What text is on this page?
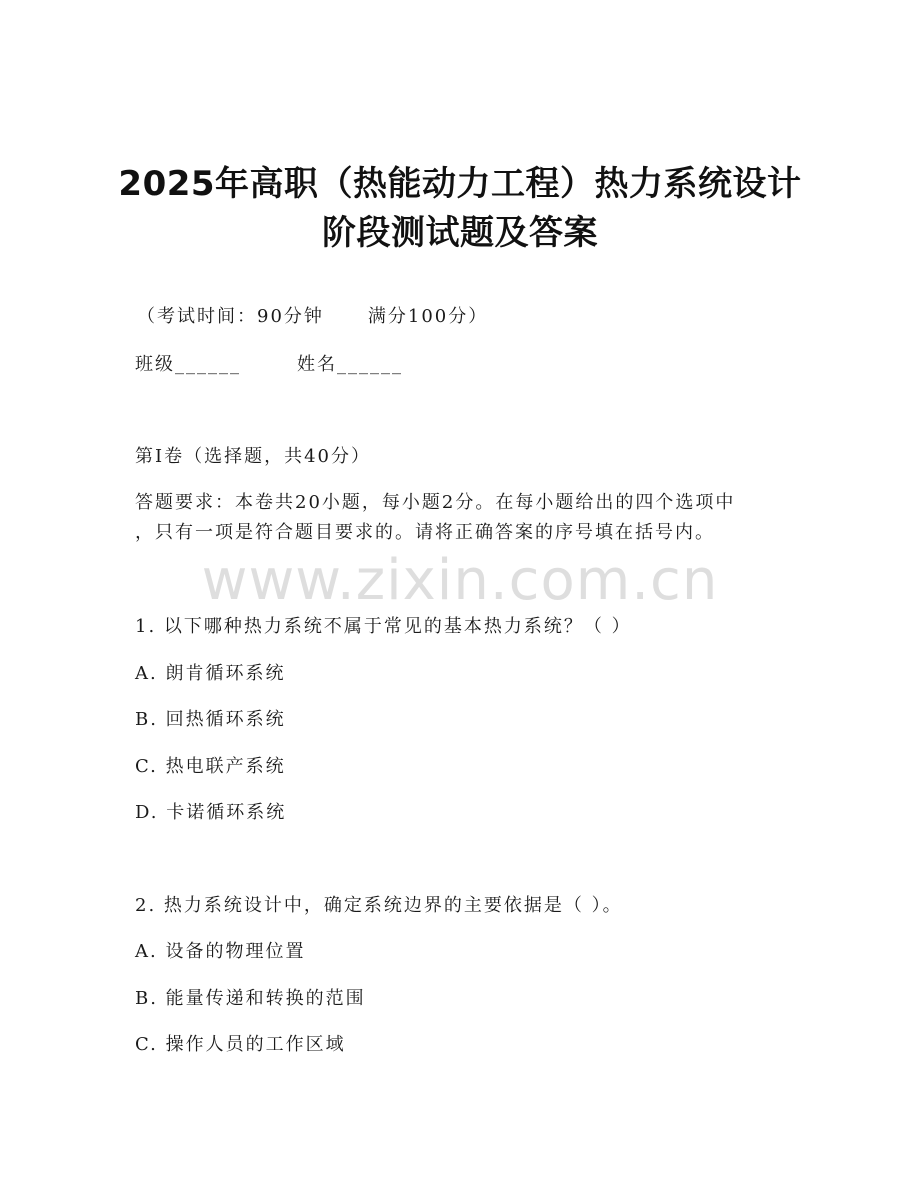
2025年高职（热能动力工程）热力系统设计
阶段测试题及答案
（考试时间：90分钟 满分100分）
班级______	姓名______
第I卷（选择题，共40分）
答题要求：本卷共20小题，每小题2分。在每小题给出的四个选项中
，只有一项是符合题目要求的。请将正确答案的序号填在括号内。
www.zixin.com.cn
1. 以下哪种热力系统不属于常见的基本热力系统？（ ）
A. 朗肯循环系统
B. 回热循环系统
C. 热电联产系统
D. 卡诺循环系统
2. 热力系统设计中，确定系统边界的主要依据是（ ）。
A. 设备的物理位置
B. 能量传递和转换的范围
C. 操作人员的工作区域
